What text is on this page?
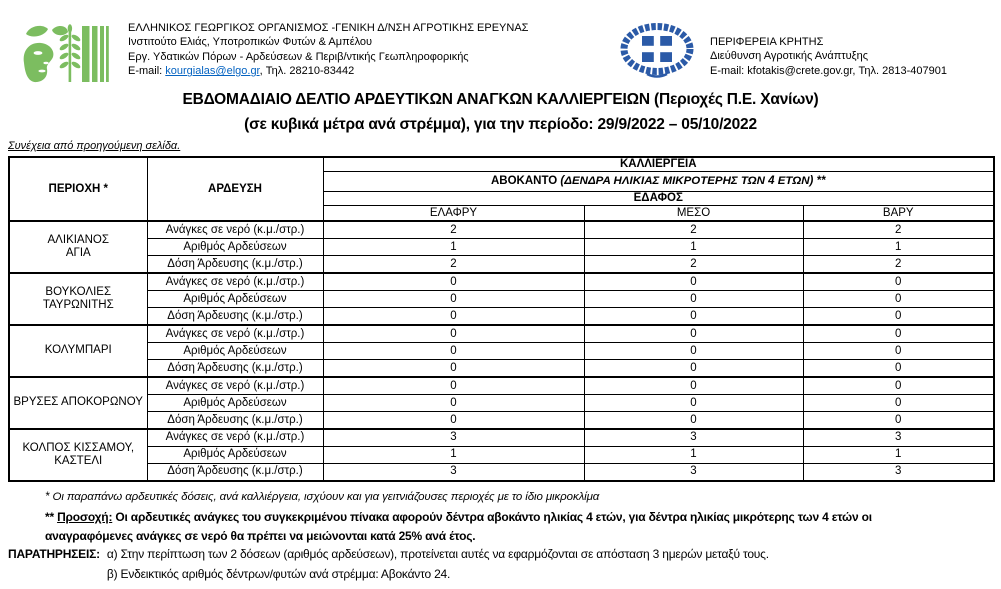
ΕΛΛΗΝΙΚΟΣ ΓΕΩΡΓΙΚΟΣ ΟΡΓΑΝΙΣΜΟΣ -ΓΕΝΙΚΗ Δ/ΝΣΗ ΑΓΡΟΤΙΚΗΣ ΕΡΕΥΝΑΣ
Ινστιτούτο Ελιάς, Υποτροπικών Φυτών & Αμπέλου
Εργ. Υδατικών Πόρων - Αρδεύσεων & Περιβ/ντικής Γεωπληροφορικής
E-mail: kourgialas@elgo.gr, Τηλ. 28210-83442
ΠΕΡΙΦΕΡΕΙΑ ΚΡΗΤΗΣ
Διεύθυνση Αγροτικής Ανάπτυξης
E-mail: kfotakis@crete.gov.gr, Τηλ. 2813-407901
ΕΒΔΟΜΑΔΙΑΙΟ ΔΕΛΤΙΟ ΑΡΔΕΥΤΙΚΩΝ ΑΝΑΓΚΩΝ ΚΑΛΛΙΕΡΓΕΙΩΝ (Περιοχές Π.Ε. Χανίων)
(σε κυβικά μέτρα ανά στρέμμα), για την περίοδο: 29/9/2022 – 05/10/2022
Συνέχεια από προηγούμενη σελίδα.
ΠΕΡΙΟΧΗ *	ΑΡΔΕΥΣΗ	ΚΑΛΛΙΕΡΓΕΙΑ		
		ΑΒΟΚΑΝΤΟ (ΔΕΝΔΡΑ ΗΛΙΚΙΑΣ ΜΙΚΡΟΤΕΡΗΣ ΤΩΝ 4 ΕΤΩΝ) **		
		ΕΔΑΦΟΣ		
		ΕΛΑΦΡΥ	ΜΕΣΟ	ΒΑΡΥ

ΑΛΙΚΙΑΝΟΣ
ΑΓΙΑ	Ανάγκες σε νερό (κ.μ./στρ.)	2	2	2
	Αριθμός Αρδεύσεων	1	1	1
	Δόση Άρδευσης (κ.μ./στρ.)	2	2	2

ΒΟΥΚΟΛΙΕΣ
ΤΑΥΡΩΝΙΤΗΣ	Ανάγκες σε νερό (κ.μ./στρ.)	0	0	0
	Αριθμός Αρδεύσεων	0	0	0
	Δόση Άρδευσης (κ.μ./στρ.)	0	0	0

ΚΟΛΥΜΠΑΡΙ	Ανάγκες σε νερό (κ.μ./στρ.)	0	0	0
	Αριθμός Αρδεύσεων	0	0	0
	Δόση Άρδευσης (κ.μ./στρ.)	0	0	0

ΒΡΥΣΕΣ ΑΠΟΚΟΡΩΝΟΥ	Ανάγκες σε νερό (κ.μ./στρ.)	0	0	0
	Αριθμός Αρδεύσεων	0	0	0
	Δόση Άρδευσης (κ.μ./στρ.)	0	0	0

ΚΟΛΠΟΣ ΚΙΣΣΑΜΟΥ,
ΚΑΣΤΕΛΙ	Ανάγκες σε νερό (κ.μ./στρ.)	3	3	3
	Αριθμός Αρδεύσεων	1	1	1
	Δόση Άρδευσης (κ.μ./στρ.)	3	3	3
* Οι παραπάνω αρδευτικές δόσεις, ανά καλλιέργεια, ισχύουν και για γειτνιάζουσες περιοχές με το ίδιο μικροκλίμα
** Προσοχή: Οι αρδευτικές ανάγκες του συγκεκριμένου πίνακα αφορούν δέντρα αβοκάντο ηλικίας 4 ετών, για δέντρα ηλικίας μικρότερης των 4 ετών οι
αναγραφόμενες ανάγκες σε νερό θα πρέπει να μειώνονται κατά 25% ανά έτος.
ΠΑΡΑΤΗΡΗΣΕΙΣ: α) Στην περίπτωση των 2 δόσεων (αριθμός αρδεύσεων), προτείνεται αυτές να εφαρμόζονται σε απόσταση 3 ημερών μεταξύ τους.
β) Ενδεικτικός αριθμός δέντρων/φυτών ανά στρέμμα: Αβοκάντο 24.
